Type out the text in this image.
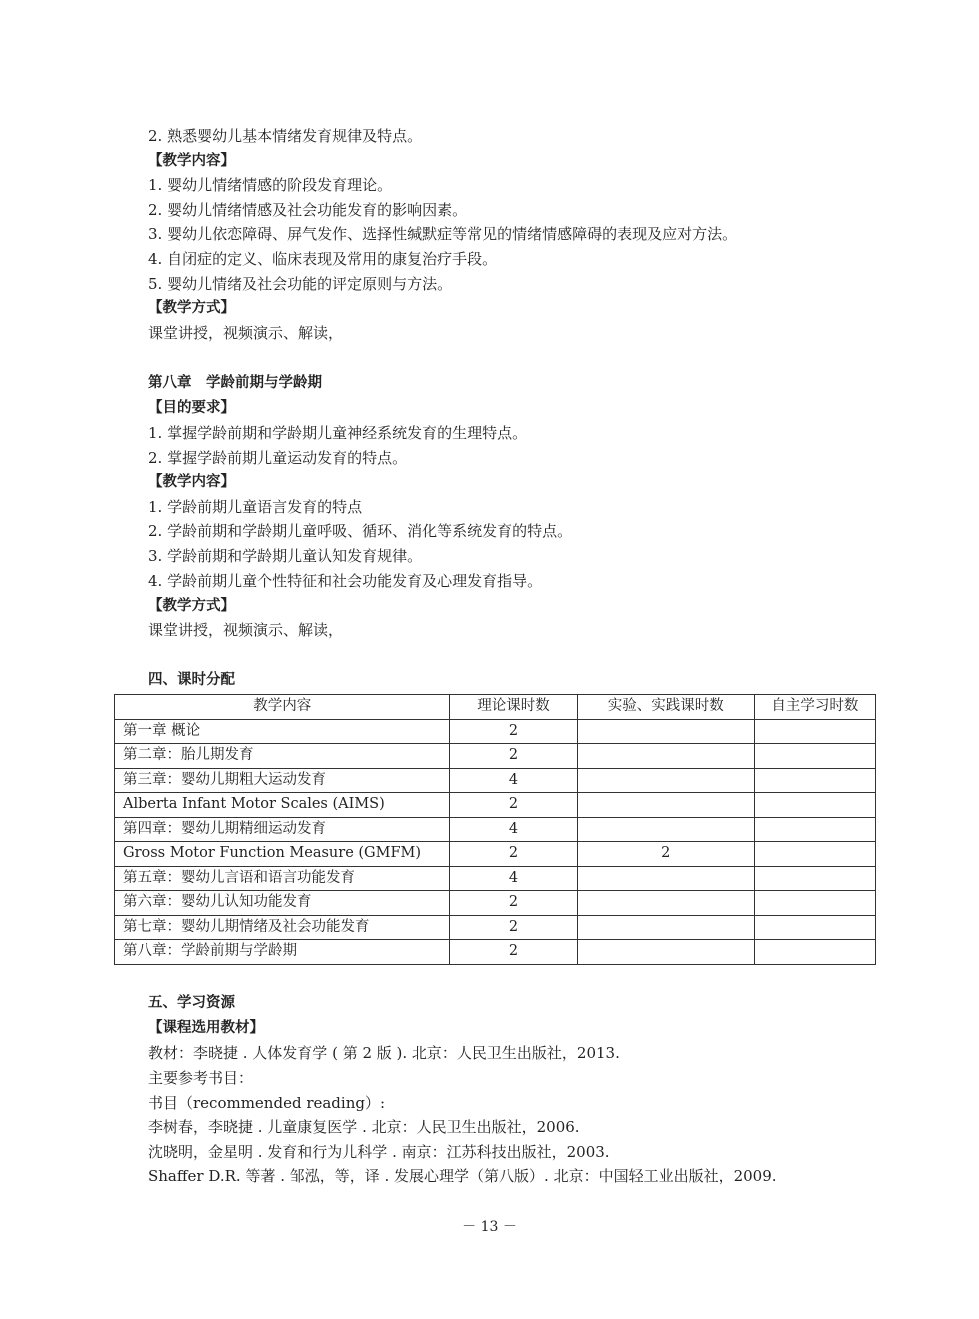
2. 熟悉婴幼儿基本情绪发育规律及特点。
【教学内容】
1. 婴幼儿情绪情感的阶段发育理论。
2. 婴幼儿情绪情感及社会功能发育的影响因素。
3. 婴幼儿依恋障碍、屏气发作、选择性缄默症等常见的情绪情感障碍的表现及应对方法。
4. 自闭症的定义、临床表现及常用的康复治疗手段。
5. 婴幼儿情绪及社会功能的评定原则与方法。
【教学方式】
课堂讲授，视频演示、解读，
第八章　学龄前期与学龄期
【目的要求】
1. 掌握学龄前期和学龄期儿童神经系统发育的生理特点。
2. 掌握学龄前期儿童运动发育的特点。
【教学内容】
1. 学龄前期儿童语言发育的特点
2. 学龄前期和学龄期儿童呼吸、循环、消化等系统发育的特点。
3. 学龄前期和学龄期儿童认知发育规律。
4. 学龄前期儿童个性特征和社会功能发育及心理发育指导。
【教学方式】
课堂讲授，视频演示、解读，
四、课时分配
教学内容	理论课时数	实验、实践课时数	自主学习时数
第一章 概论	2		
第二章：胎儿期发育	2		
第三章：婴幼儿期粗大运动发育	4		
Alberta Infant Motor Scales (AIMS)	2		
第四章：婴幼儿期精细运动发育	4		
Gross Motor Function Measure (GMFM)	2	2	
第五章：婴幼儿言语和语言功能发育	4		
第六章：婴幼儿认知功能发育	2		
第七章：婴幼儿期情绪及社会功能发育	2		
第八章：学龄前期与学龄期	2		
五、学习资源
【课程选用教材】
教材：李晓捷 . 人体发育学 ( 第 2 版 ). 北京：人民卫生出版社，2013.
主要参考书目：
书目（recommended reading）:
李树春，李晓捷 . 儿童康复医学 . 北京：人民卫生出版社，2006.
沈晓明，金星明 . 发育和行为儿科学 . 南京：江苏科技出版社，2003.
Shaffer D.R. 等著 . 邹泓，等，译 . 发展心理学（第八版）. 北京：中国轻工业出版社，2009.
－ 13 －
